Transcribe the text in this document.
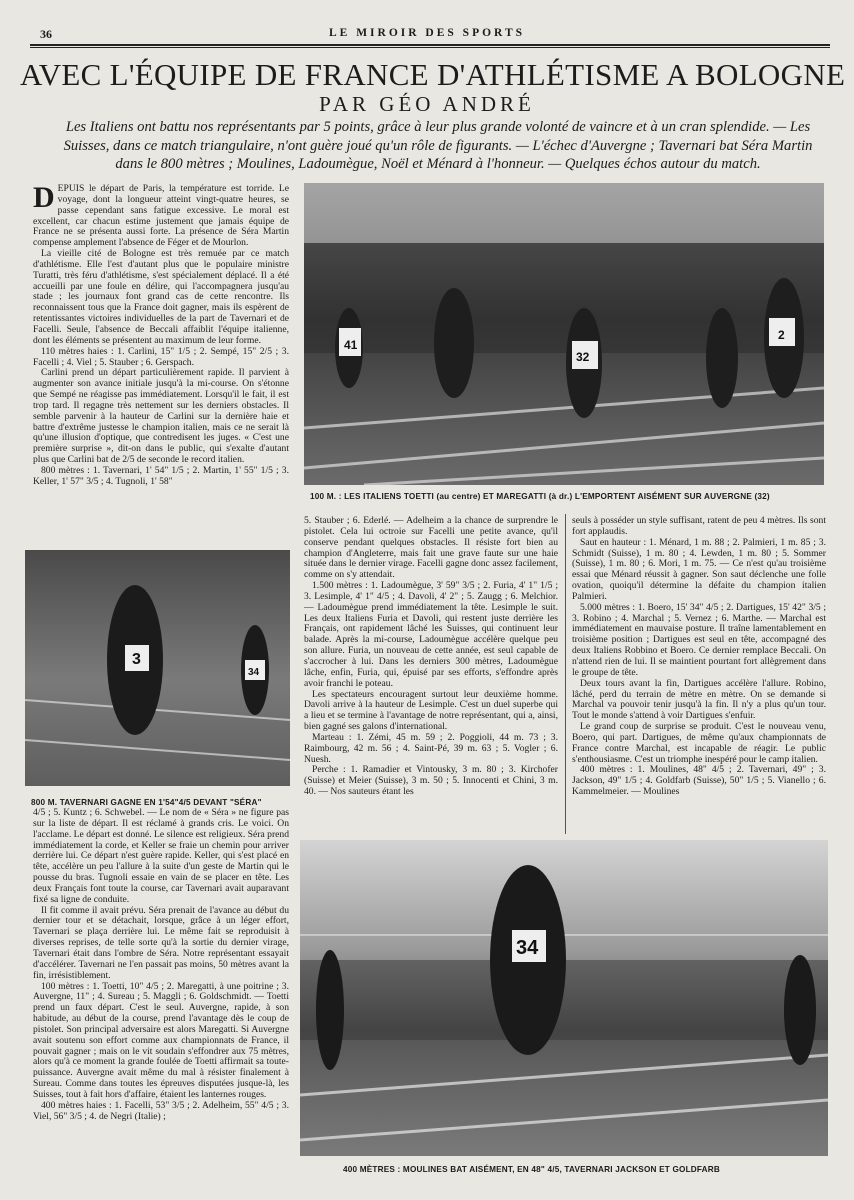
36	LE MIROIR DES SPORTS
AVEC L'ÉQUIPE DE FRANCE D'ATHLÉTISME A BOLOGNE
PAR GÉO ANDRÉ
Les Italiens ont battu nos représentants par 5 points, grâce à leur plus grande volonté de vaincre et à un cran splendide. — Les Suisses, dans ce match triangulaire, n'ont guère joué qu'un rôle de figurants. — L'échec d'Auvergne ; Tavernari bat Séra Martin dans le 800 mètres ; Moulines, Ladoumègue, Noël et Ménard à l'honneur. — Quelques échos autour du match.

DEPUIS le départ de Paris, la température est torride. Le voyage, dont la longueur atteint vingt-quatre heures, se passe cependant sans fatigue excessive. Le moral est excellent, car chacun estime justement que jamais équipe de France ne se présenta aussi forte. La présence de Séra Martin compense amplement l'absence de Féger et de Mourlon.

La vieille cité de Bologne est très remuée par ce match d'athlétisme. Elle l'est d'autant plus que le populaire ministre Turatti, très féru d'athlétisme, s'est spécialement déplacé. Il a été accueilli par une foule en délire, qui l'accompagnera jusqu'au stade ; les journaux font grand cas de cette rencontre. Ils reconnaissent tous que la France doit gagner, mais ils espèrent de retentissantes victoires individuelles de la part de Tavernari et de Facelli. Seule, l'absence de Beccali affaiblit l'équipe italienne, dont les éléments se présentent au maximum de leur forme.

110 mètres haies : 1. Carlini, 15" 1/5 ; 2. Sempé, 15" 2/5 ; 3. Facelli ; 4. Viel ; 5. Stauber ; 6. Gerspach.

Carlini prend un départ particulièrement rapide. Il parvient à augmenter son avance initiale jusqu'à la mi-course. On s'étonne que Sempé ne réagisse pas immédiatement. Lorsqu'il le fait, il est trop tard. Il regagne très nettement sur les derniers obstacles. Il semble parvenir à la hauteur de Carlini sur la dernière haie et battre d'extrême justesse le champion italien, mais ce ne serait là qu'une illusion d'optique, que contredisent les juges. « C'est une première surprise », dit-on dans le public, qui s'exalte d'autant plus que Carlini bat de 2/5 de seconde le record italien.

800 mètres : 1. Tavernari, 1' 54" 1/5 ; 2. Martin, 1' 55" 1/5 ; 3. Keller, 1' 57" 3/5 ; 4. Tugnoli, 1' 58"

41
32
2
100 M. : LES ITALIENS TOETTI (au centre) ET MAREGATTI (à dr.) L'EMPORTENT AISÉMENT SUR AUVERGNE (32)
3
34
800 M. TAVERNARI GAGNE EN 1'54"4/5 DEVANT "SÉRA"

4/5 ; 5. Kuntz ; 6. Schwebel. — Le nom de « Séra » ne figure pas sur la liste de départ. Il est réclamé à grands cris. Le voici. On l'acclame. Le départ est donné. Le silence est religieux. Séra prend immédiatement la corde, et Keller se fraie un chemin pour arriver derrière lui. Ce départ n'est guère rapide. Keller, qui s'est placé en tête, accélère un peu l'allure à la suite d'un geste de Martin qui le pousse du bras. Tugnoli essaie en vain de se placer en tête. Les deux Français font toute la course, car Tavernari avait auparavant fixé sa ligne de conduite.

Il fit comme il avait prévu. Séra prenait de l'avance au début du dernier tour et se détachait, lorsque, grâce à un léger effort, Tavernari se plaça derrière lui. Le même fait se reproduisit à diverses reprises, de telle sorte qu'à la sortie du dernier virage, Tavernari était dans l'ombre de Séra. Notre représentant essayait d'accélérer. Tavernari ne l'en passait pas moins, 50 mètres avant la fin, irrésistiblement.

100 mètres : 1. Toetti, 10" 4/5 ; 2. Maregatti, à une poitrine ; 3. Auvergne, 11" ; 4. Sureau ; 5. Maggli ; 6. Goldschmidt. — Toetti prend un faux départ. C'est le seul. Auvergne, rapide, à son habitude, au début de la course, prend l'avantage dès le coup de pistolet. Son principal adversaire est alors Maregatti. Si Auvergne avait soutenu son effort comme aux championnats de France, il pouvait gagner ; mais on le vit soudain s'effondrer aux 75 mètres, alors qu'à ce moment la grande foulée de Toetti affirmait sa toute-puissance. Auvergne avait même du mal à résister finalement à Sureau. Comme dans toutes les épreuves disputées jusque-là, les Suisses, tout à fait hors d'affaire, étaient les lanternes rouges.

400 mètres haies : 1. Facelli, 53" 3/5 ; 2. Adelheim, 55" 4/5 ; 3. Viel, 56" 3/5 ; 4. de Negri (Italie) ;

5. Stauber ; 6. Ederlé. — Adelheim a la chance de surprendre le pistolet. Cela lui octroie sur Facelli une petite avance, qu'il conserve pendant quelques obstacles. Il résiste fort bien au champion d'Angleterre, mais fait une grave faute sur une haie située dans le dernier virage. Facelli gagne donc assez facilement, comme on s'y attendait.

1.500 mètres : 1. Ladoumègue, 3' 59" 3/5 ; 2. Furia, 4' 1" 1/5 ; 3. Lesimple, 4' 1" 4/5 ; 4. Davoli, 4' 2" ; 5. Zaugg ; 6. Melchior. — Ladoumègue prend immédiatement la tête. Lesimple le suit. Les deux Italiens Furia et Davoli, qui restent juste derrière les Français, ont rapidement lâché les Suisses, qui continuent leur balade. Après la mi-course, Ladoumègue accélère quelque peu son allure. Furia, un nouveau de cette année, est seul capable de s'accrocher à lui. Dans les derniers 300 mètres, Ladoumègue lâche, enfin, Furia, qui, épuisé par ses efforts, s'effondre après avoir franchi le poteau.

Les spectateurs encouragent surtout leur deuxième homme. Davoli arrive à la hauteur de Lesimple. C'est un duel superbe qui a lieu et se termine à l'avantage de notre représentant, qui a, ainsi, bien gagné ses galons d'international.

Marteau : 1. Zémi, 45 m. 59 ; 2. Poggioli, 44 m. 73 ; 3. Raimbourg, 42 m. 56 ; 4. Saint-Pé, 39 m. 63 ; 5. Vogler ; 6. Nuesh.

Perche : 1. Ramadier et Vintousky, 3 m. 80 ; 3. Kirchofer (Suisse) et Meier (Suisse), 3 m. 50 ; 5. Innocenti et Chini, 3 m. 40. — Nos sauteurs étant les

seuls à posséder un style suffisant, ratent de peu 4 mètres. Ils sont fort applaudis.

Saut en hauteur : 1. Ménard, 1 m. 88 ; 2. Palmieri, 1 m. 85 ; 3. Schmidt (Suisse), 1 m. 80 ; 4. Lewden, 1 m. 80 ; 5. Sommer (Suisse), 1 m. 80 ; 6. Mori, 1 m. 75. — Ce n'est qu'au troisième essai que Ménard réussit à gagner. Son saut déclenche une folle ovation, quoiqu'il détermine la défaite du champion italien Palmieri.

5.000 mètres : 1. Boero, 15' 34" 4/5 ; 2. Dartigues, 15' 42" 3/5 ; 3. Robino ; 4. Marchal ; 5. Vernez ; 6. Marthe. — Marchal est immédiatement en mauvaise posture. Il traîne lamentablement en troisième position ; Dartigues est seul en tête, accompagné des deux Italiens Robbino et Boero. Ce dernier remplace Beccali. On n'attend rien de lui. Il se maintient pourtant fort allègrement dans le groupe de tête.

Deux tours avant la fin, Dartigues accélère l'allure. Robino, lâché, perd du terrain de mètre en mètre. On se demande si Marchal va pouvoir tenir jusqu'à la fin. Il n'y a plus qu'un tour. Tout le monde s'attend à voir Dartigues s'enfuir.

Le grand coup de surprise se produit. C'est le nouveau venu, Boero, qui part. Dartigues, de même qu'aux championnats de France contre Marchal, est incapable de réagir. Le public s'enthousiasme. C'est un triomphe inespéré pour le camp italien.

400 mètres : 1. Moulines, 48" 4/5 ; 2. Tavernari, 49" ; 3. Jackson, 49" 1/5 ; 4. Goldfarb (Suisse), 50" 1/5 ; 5. Vianello ; 6. Kammelmeier. — Moulines

34
400 MÈTRES : MOULINES BAT AISÉMENT, EN 48" 4/5, TAVERNARI JACKSON ET GOLDFARB
